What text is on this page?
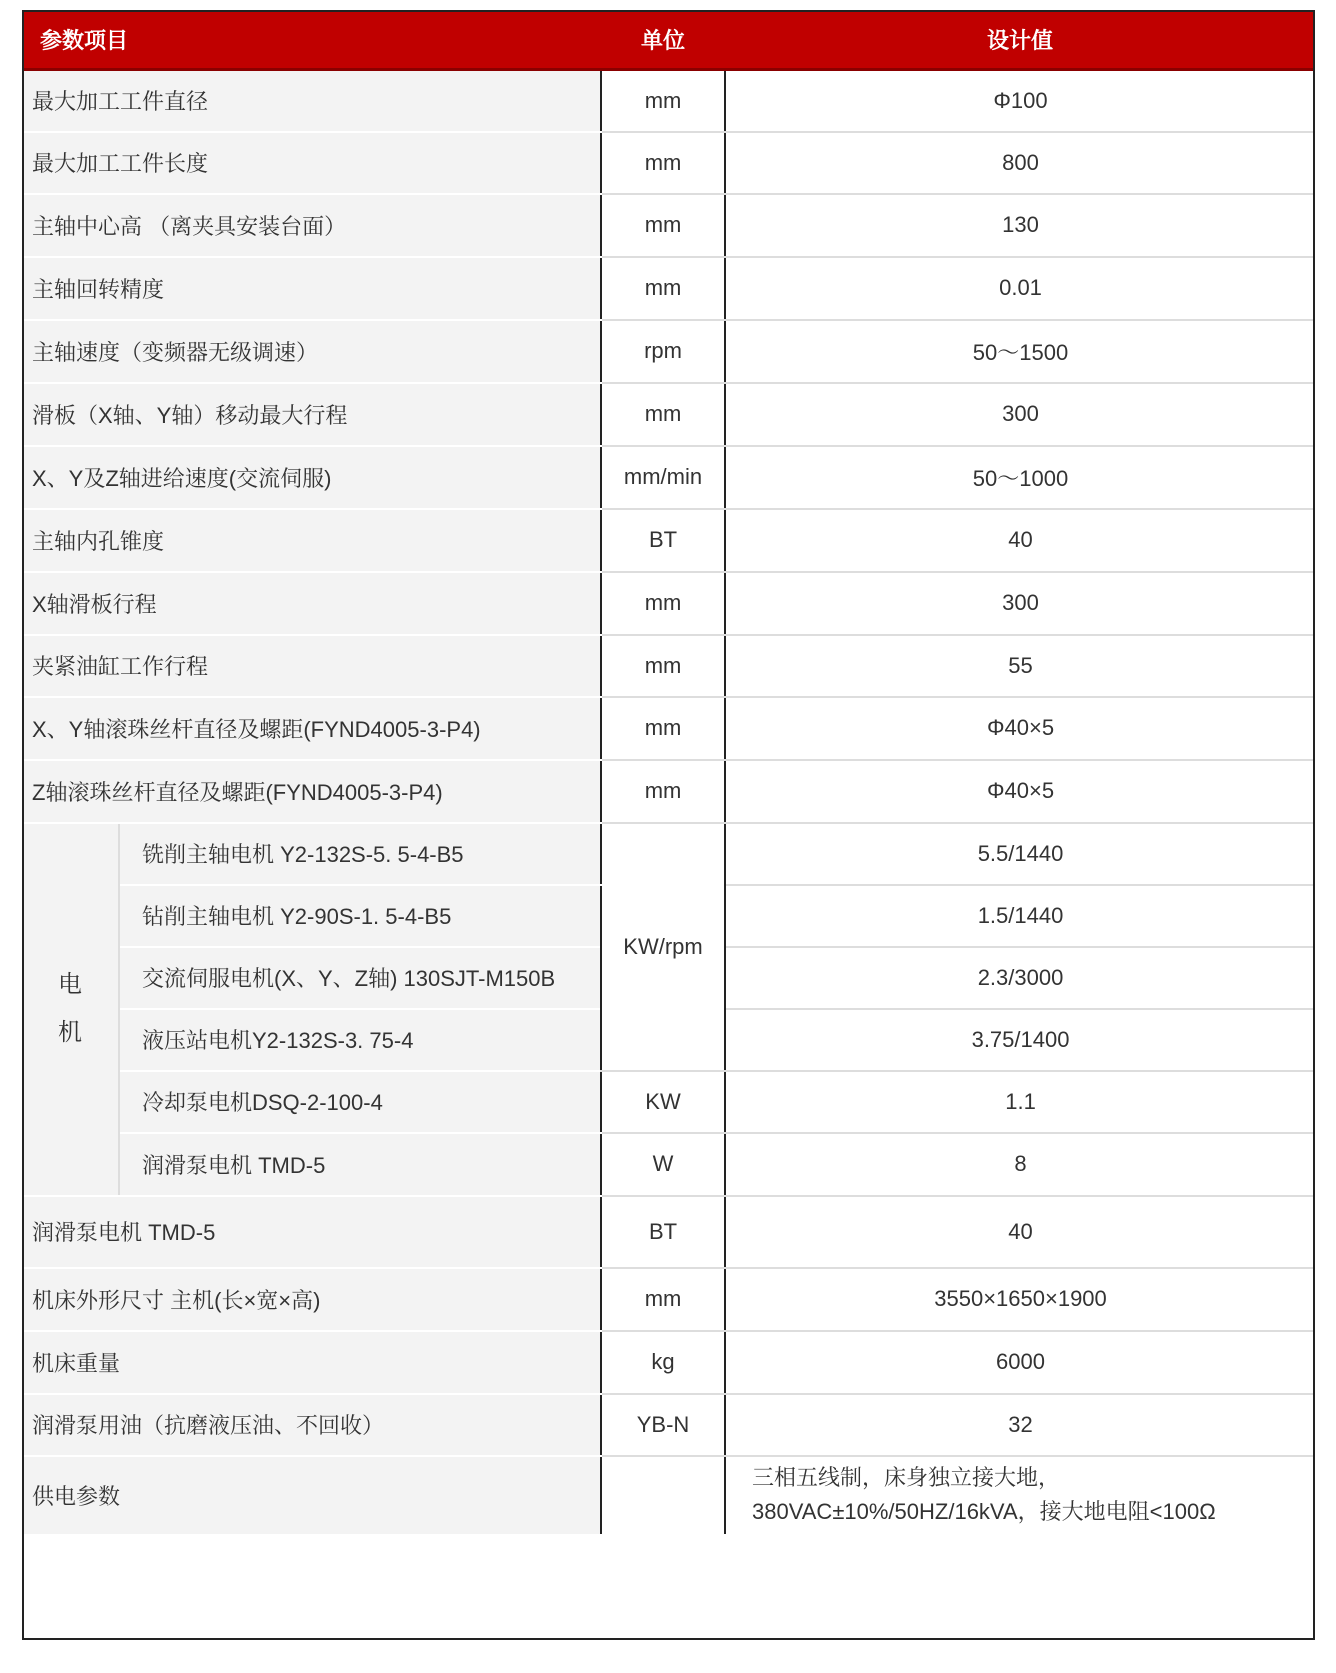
参数项目		单位	设计值
最大加工工件直径		mm	Φ100
最大加工工件长度		mm	800
主轴中心高 （离夹具安装台面）		mm	130
主轴回转精度		mm	0.01
主轴速度（变频器无级调速）		rpm	50～1500
滑板（X轴、Y轴）移动最大行程		mm	300
X、Y及Z轴进给速度(交流伺服)		mm/min	50～1000
主轴内孔锥度		BT	40
X轴滑板行程		mm	300
夹紧油缸工作行程		mm	55
X、Y轴滚珠丝杆直径及螺距(FYND4005-3-P4)		mm	Φ40×5
Z轴滚珠丝杆直径及螺距(FYND4005-3-P4)		mm	Φ40×5
电
机	铣削主轴电机 Y2-132S-5. 5-4-B5	KW/rpm	5.5/1440
	钻削主轴电机 Y2-90S-1. 5-4-B5		1.5/1440
	交流伺服电机(X、Y、Z轴) 130SJT-M150B		2.3/3000
	液压站电机Y2-132S-3. 75-4		3.75/1400
	冷却泵电机DSQ-2-100-4	KW	1.1
	润滑泵电机 TMD-5	W	8
润滑泵电机 TMD-5		BT	40
机床外形尺寸 主机(长×宽×高)		mm	3550×1650×1900
机床重量		kg	6000
润滑泵用油（抗磨液压油、不回收）		YB-N	32
供电参数			三相五线制，床身独立接大地，
380VAC±10%/50HZ/16kVA，接大地电阻<100Ω
